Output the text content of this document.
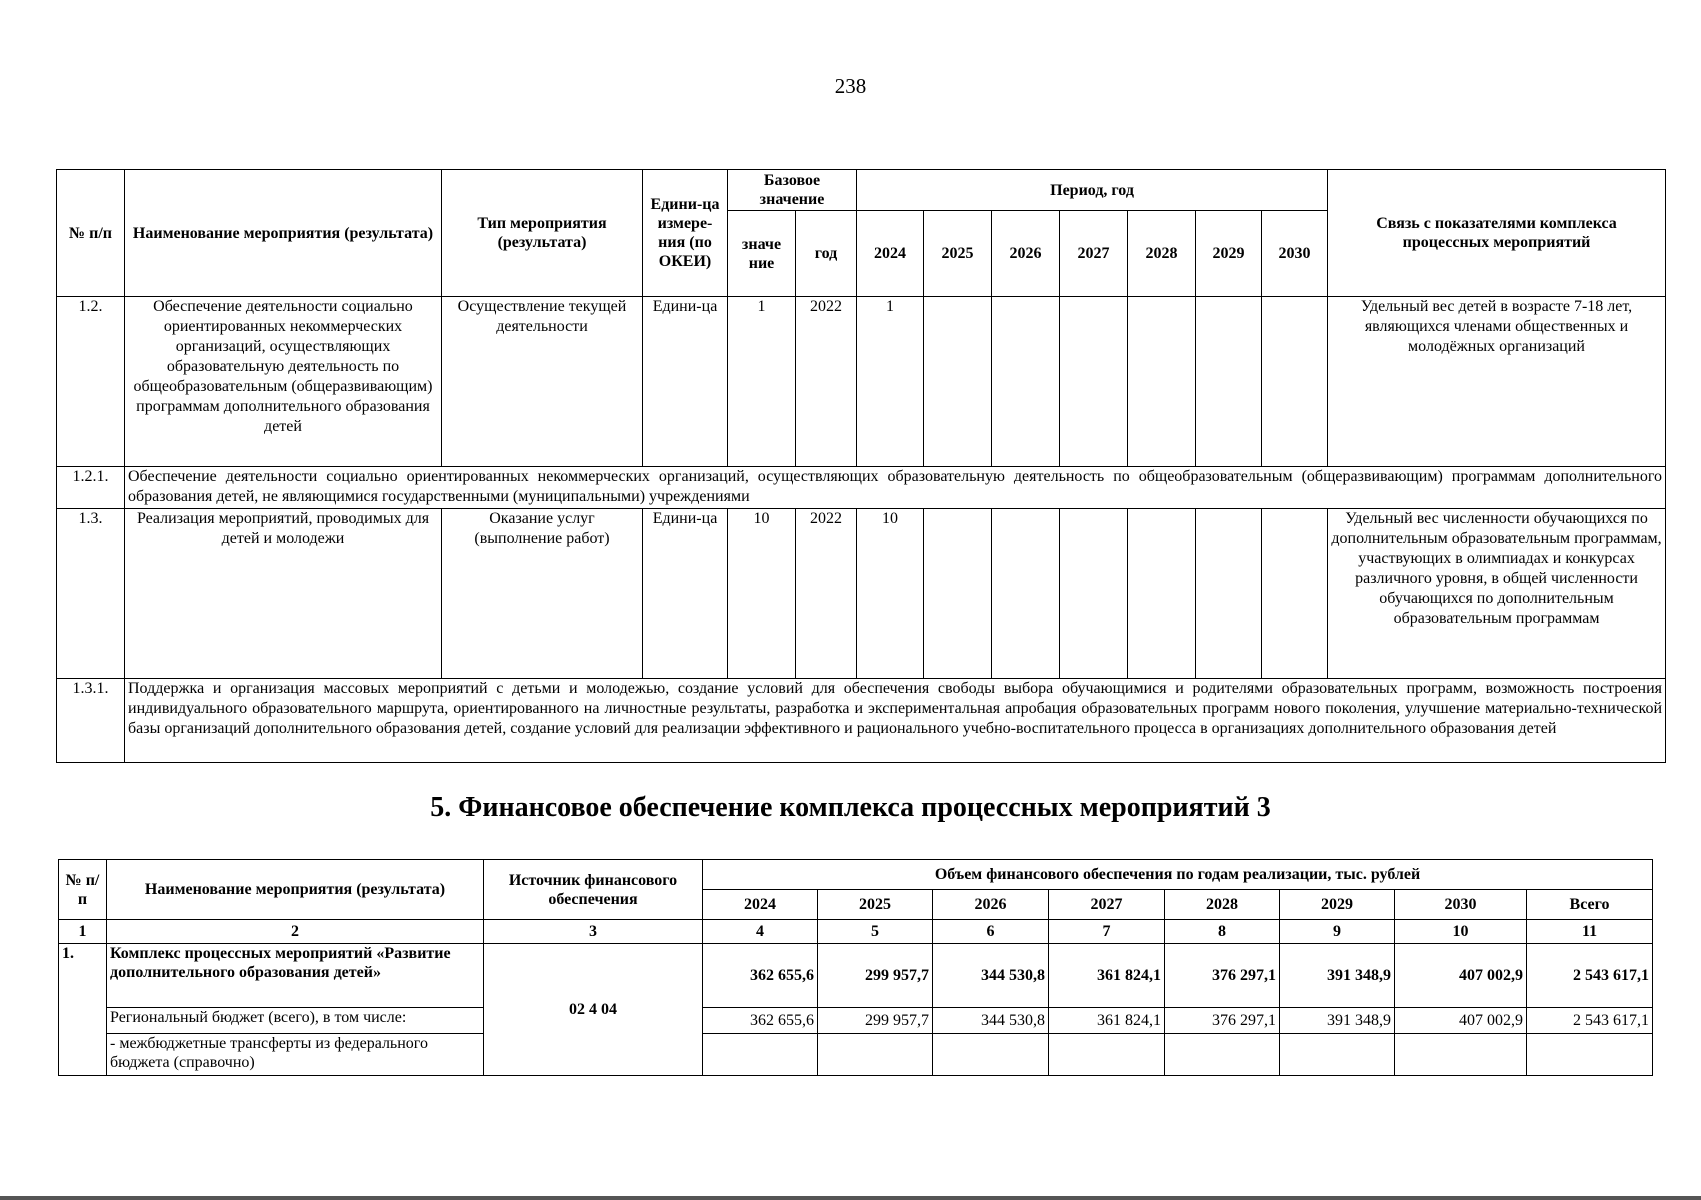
238
№ п/п	Наименование мероприятия (результата)	Тип мероприятия (результата)	Едини-ца измере-ния (по ОКЕИ)	Базовое значение		Период, год							Связь с показателями комплекса процессных мероприятий
				значе ние	год	2024	2025	2026	2027	2028	2029	2030	
1.2.	Обеспечение деятельности социально ориентированных некоммерческих организаций, осуществляющих образовательную деятельность по общеобразовательным (общеразвивающим) программам дополнительного образования детей	Осуществление текущей деятельности	Едини-ца	1	2022	1							Удельный вес детей в возрасте 7-18 лет, являющихся членами общественных и молодёжных организаций
1.2.1.	Обеспечение деятельности социально ориентированных некоммерческих организаций, осуществляющих образовательную деятельность по общеобразовательным (общеразвивающим) программам дополнительного образования детей, не являющимися государственными (муниципальными) учреждениями												
1.3.	Реализация мероприятий, проводимых для детей и молодежи	Оказание услуг (выполнение работ)	Едини-ца	10	2022	10							Удельный вес численности обучающихся по дополнительным образовательным программам, участвующих в олимпиадах и конкурсах различного уровня, в общей численности обучающихся по дополнительным образовательным программам
1.3.1.	Поддержка и организация массовых мероприятий с детьми и молодежью, создание условий для обеспечения свободы выбора обучающимися и родителями образовательных программ, возможность построения индивидуального образовательного маршрута, ориентированного на личностные результаты, разработка и экспериментальная апробация образовательных программ нового поколения, улучшение материально-технической базы организаций дополнительного образования детей, создание условий для реализации эффективного и рационального учебно-воспитательного процесса в организациях дополнительного образования детей												
5. Финансовое обеспечение комплекса процессных мероприятий 3
№ п/п	Наименование мероприятия (результата)	Источник финансового обеспечения	Объем финансового обеспечения по годам реализации, тыс. рублей							
			2024	2025	2026	2027	2028	2029	2030	Всего
1	2	3	4	5	6	7	8	9	10	11
1.	Комплекс процессных мероприятий «Развитие дополнительного образования детей»	02 4 04	362 655,6	299 957,7	344 530,8	361 824,1	376 297,1	391 348,9	407 002,9	2 543 617,1
	Региональный бюджет (всего), в том числе:		362 655,6	299 957,7	344 530,8	361 824,1	376 297,1	391 348,9	407 002,9	2 543 617,1
	- межбюджетные трансферты из федерального бюджета (справочно)									
